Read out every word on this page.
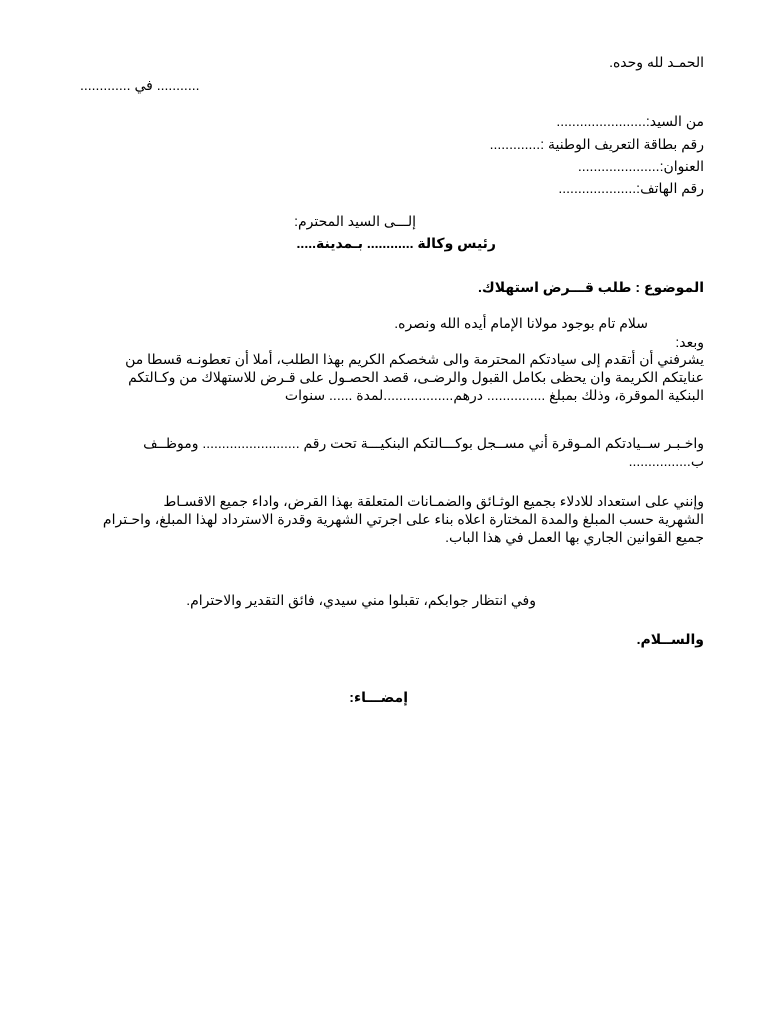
الحمـد لله وحده.
........... في .............
من السيد:.......................
رقم بطاقة التعريف الوطنية :.............
العنوان:.....................
رقم الهاتف:....................
إلـــى السيد المحترم:
رئيس وكالة ............ بـمدينة.....
الموضوع : طلب قـــرض استهلاك.
سلام تام بوجود مولانا الإمام أيده الله ونصره.
وبعد:
يشرفني أن أتقدم إلى سيادتكم المحترمة والى شخصكم الكريم بهذا الطلب، أملا أن تعطونـه قسطا من
عنايتكم الكريمة وان يحظى بكامل القبول والرضـى، قصد الحصـول على قـرض للاستهلاك من وكـالتكم
البنكية الموقرة، وذلك بمبلغ ............... درهم..................لمدة ...... سنوات
واخـبـر ســيادتكم المـوقرة أني مســجل بوكـــالتكم البنكيـــة تحت رقم ......................... وموظــف
ب................
وإنني على استعداد للادلاء بجميع الوثـائق والضمـانات المتعلقة بهذا القرض، واداء جميع الاقسـاط
الشهرية حسب المبلغ والمدة المختارة اعلاه بناء على اجرتي الشهرية وقدرة الاسترداد لهذا المبلغ، واحـترام
جميع القوانين الجاري بها العمل في هذا الباب.
وفي انتظار جوابكم، تقبلوا مني سيدي، فائق التقدير والاحترام.
والســلام.
إمضـــاء:
